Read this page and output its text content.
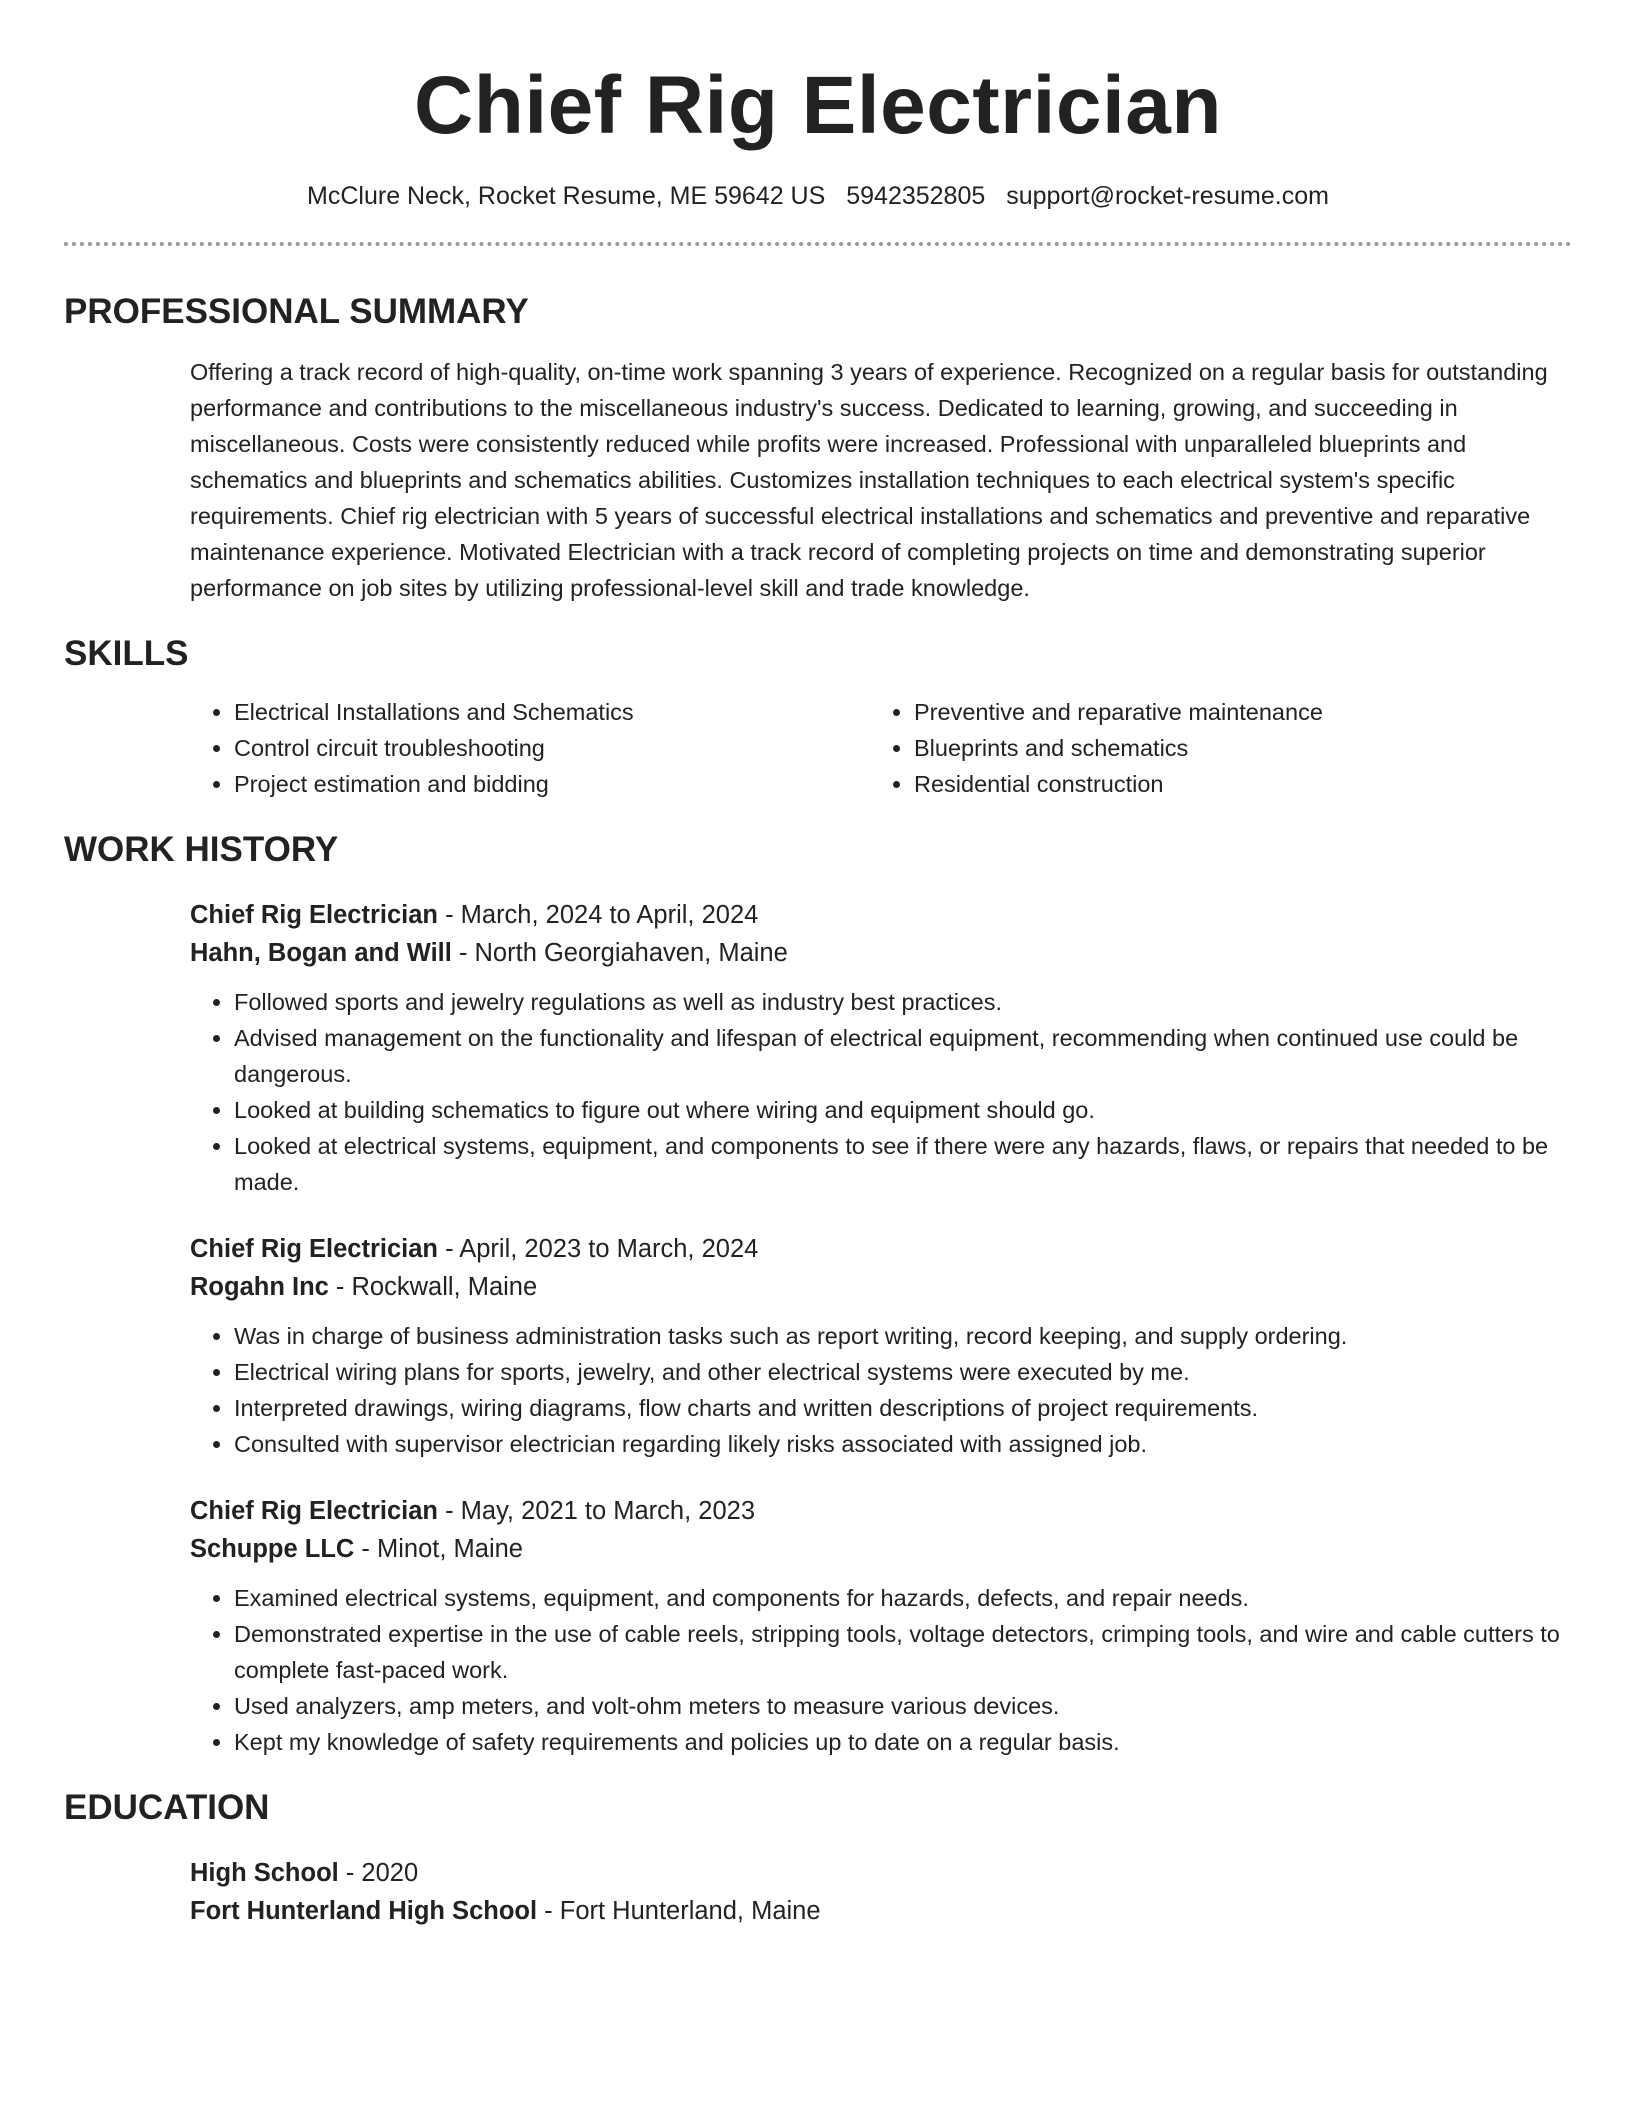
Chief Rig Electrician
McClure Neck, Rocket Resume, ME 59642 US 5942352805 support@rocket-resume.com
PROFESSIONAL SUMMARY
Offering a track record of high-quality, on-time work spanning 3 years of experience. Recognized on a regular basis for outstanding performance and contributions to the miscellaneous industry's success. Dedicated to learning, growing, and succeeding in miscellaneous. Costs were consistently reduced while profits were increased. Professional with unparalleled blueprints and schematics and blueprints and schematics abilities. Customizes installation techniques to each electrical system's specific requirements. Chief rig electrician with 5 years of successful electrical installations and schematics and preventive and reparative maintenance experience. Motivated Electrician with a track record of completing projects on time and demonstrating superior performance on job sites by utilizing professional-level skill and trade knowledge.
SKILLS
• Electrical Installations and Schematics
• Control circuit troubleshooting
• Project estimation and bidding
• Preventive and reparative maintenance
• Blueprints and schematics
• Residential construction
WORK HISTORY
Chief Rig Electrician - March, 2024 to April, 2024
Hahn, Bogan and Will - North Georgiahaven, Maine
• Followed sports and jewelry regulations as well as industry best practices.
• Advised management on the functionality and lifespan of electrical equipment, recommending when continued use could be dangerous.
• Looked at building schematics to figure out where wiring and equipment should go.
• Looked at electrical systems, equipment, and components to see if there were any hazards, flaws, or repairs that needed to be made.
Chief Rig Electrician - April, 2023 to March, 2024
Rogahn Inc - Rockwall, Maine
• Was in charge of business administration tasks such as report writing, record keeping, and supply ordering.
• Electrical wiring plans for sports, jewelry, and other electrical systems were executed by me.
• Interpreted drawings, wiring diagrams, flow charts and written descriptions of project requirements.
• Consulted with supervisor electrician regarding likely risks associated with assigned job.
Chief Rig Electrician - May, 2021 to March, 2023
Schuppe LLC - Minot, Maine
• Examined electrical systems, equipment, and components for hazards, defects, and repair needs.
• Demonstrated expertise in the use of cable reels, stripping tools, voltage detectors, crimping tools, and wire and cable cutters to complete fast-paced work.
• Used analyzers, amp meters, and volt-ohm meters to measure various devices.
• Kept my knowledge of safety requirements and policies up to date on a regular basis.
EDUCATION
High School - 2020
Fort Hunterland High School - Fort Hunterland, Maine
